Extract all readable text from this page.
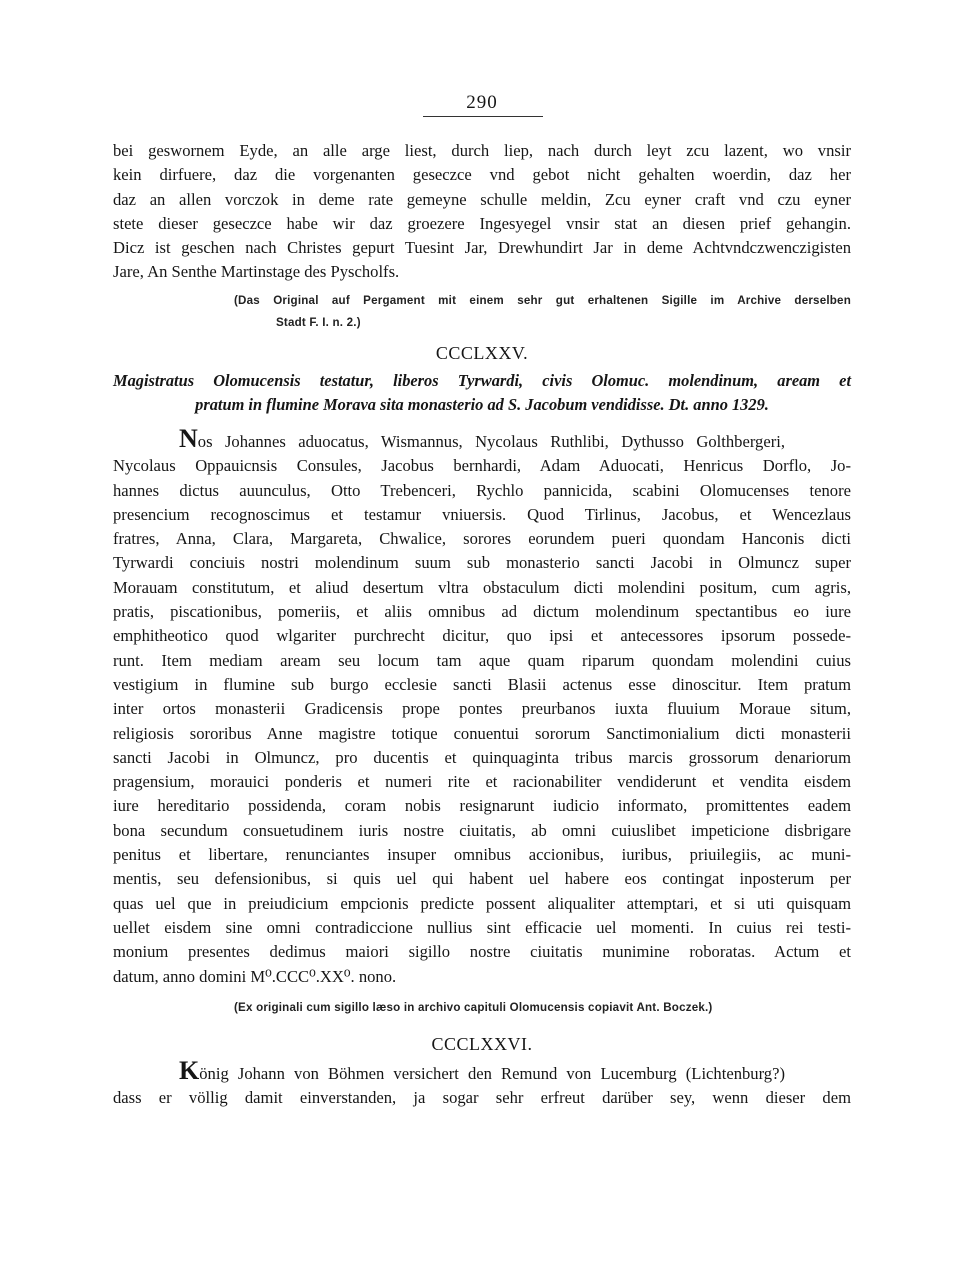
290
bei geswornem Eyde, an alle arge liest, durch liep, nach durch leyt zcu lazent, wo vnsir
kein dirfuere, daz die vorgenanten geseczce vnd gebot nicht gehalten woerdin, daz her
daz an allen vorczok in deme rate gemeyne schulle meldin, Zcu eyner craft vnd czu eyner
stete dieser geseczce habe wir daz groezere Ingesyegel vnsir stat an diesen prief gehangin.
Dicz ist geschen nach Christes gepurt Tuesint Jar, Drewhundirt Jar in deme Achtvndczwenczigisten
Jare, An Senthe Martinstage des Pyscholfs.
(Das Original auf Pergament mit einem sehr gut erhaltenen Sigille im Archive derselben
Stadt F. I. n. 2.)
CCCLXXV.
Magistratus Olomucensis testatur, liberos Tyrwardi, civis Olomuc. molendinum, aream et
pratum in flumine Morava sita monasterio ad S. Jacobum vendidisse. Dt. anno 1329.
Nos Johannes aduocatus, Wismannus, Nycolaus Ruthlibi, Dythusso Golthbergeri,
Nycolaus Oppauicnsis Consules, Jacobus bernhardi, Adam Aduocati, Henricus Dorflo, Jo-
hannes dictus auunculus, Otto Trebenceri, Rychlo pannicida, scabini Olomucenses tenore
presencium recognoscimus et testamur vniuersis. Quod Tirlinus, Jacobus, et Wencezlaus
fratres, Anna, Clara, Margareta, Chwalice, sorores eorundem pueri quondam Hanconis dicti
Tyrwardi conciuis nostri molendinum suum sub monasterio sancti Jacobi in Olmuncz super
Morauam constitutum, et aliud desertum vltra obstaculum dicti molendini positum, cum agris,
pratis, piscationibus, pomeriis, et aliis omnibus ad dictum molendinum spectantibus eo iure
emphitheotico quod wlgariter purchrecht dicitur, quo ipsi et antecessores ipsorum possede-
runt. Item mediam aream seu locum tam aque quam riparum quondam molendini cuius
vestigium in flumine sub burgo ecclesie sancti Blasii actenus esse dinoscitur. Item pratum
inter ortos monasterii Gradicensis prope pontes preurbanos iuxta fluuium Moraue situm,
religiosis sororibus Anne magistre totique conuentui sororum Sanctimonialium dicti monasterii
sancti Jacobi in Olmuncz, pro ducentis et quinquaginta tribus marcis grossorum denariorum
pragensium, morauici ponderis et numeri rite et racionabiliter vendiderunt et vendita eisdem
iure hereditario possidenda, coram nobis resignarunt iudicio informato, promittentes eadem
bona secundum consuetudinem iuris nostre ciuitatis, ab omni cuiuslibet impeticione disbrigare
penitus et libertare, renunciantes insuper omnibus accionibus, iuribus, priuilegiis, ac muni-
mentis, seu defensionibus, si quis uel qui habent uel habere eos contingat inposterum per
quas uel que in preiudicium empcionis predicte possent aliqualiter attemptari, et si uti quisquam
uellet eisdem sine omni contradiccione nullius sint efficacie uel momenti. In cuius rei testi-
monium presentes dedimus maiori sigillo nostre ciuitatis munimine roboratas. Actum et
datum, anno domini M⁰.CCC⁰.XX⁰. nono.
(Ex originali cum sigillo læso in archivo capituli Olomucensis copiavit Ant. Boczek.)
CCCLXXVI.
König Johann von Böhmen versichert den Remund von Lucemburg (Lichtenburg?)
dass er völlig damit einverstanden, ja sogar sehr erfreut darüber sey, wenn dieser dem
